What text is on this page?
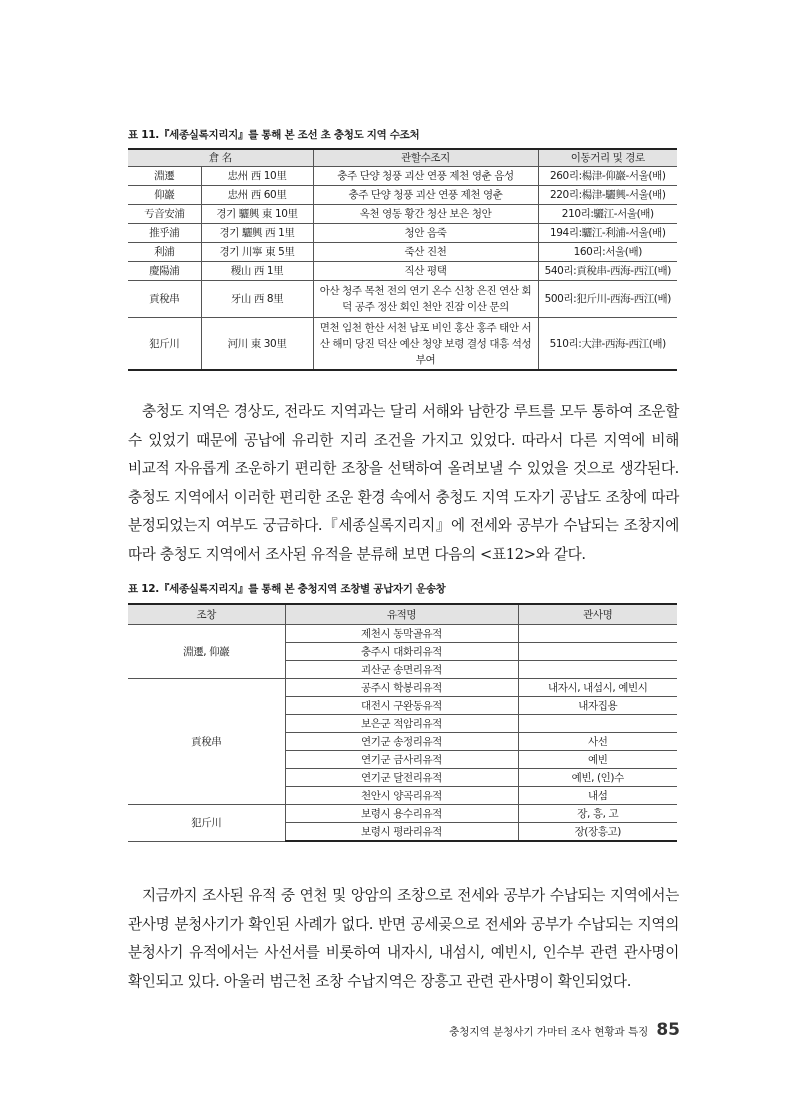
표 11.『세종실록지리지』를 통해 본 조선 초 충청도 지역 수조처
倉 名		관할수조지	이동거리 및 경로
淵遷	忠州 西 10里	충주 단양 청풍 괴산 연풍 제천 영춘 음성	260리:楊津-仰巖-서울(배)
仰巖	忠州 西 60里	충주 단양 청풍 괴산 연풍 제천 영춘	220리:楊津-驪興-서울(배)
亐音安浦	경기 驪興 東 10里	옥천 영동 황간 청산 보은 청안	210리:驪江-서울(배)
推乎浦	경기 驪興 西 1里	청안 음죽	194리:驪江-利浦-서울(배)
利浦	경기 川寧 東 5里	죽산 진천	160리:서울(배)
慶陽浦	稷山 西 1里	직산 평택	540리:貢稅串-西海-西江(배)
貢稅串	牙山 西 8里	아산 청주 목천 전의 연기 온수 신창 은진 연산 회덕 공주 정산 회인 천안 진잠 이산 문의	500리:犯斤川-西海-西江(배)
犯斤川	河川 東 30里	면천 임천 한산 서천 남포 비인 홍산 홍주 태안 서산 해미 당진 덕산 예산 청양 보령 결성 대흥 석성 부여	510리:大津-西海-西江(배)

충청도 지역은 경상도, 전라도 지역과는 달리 서해와 남한강 루트를 모두 통하여 조운할 수 있었기 때문에 공납에 유리한 지리 조건을 가지고 있었다. 따라서 다른 지역에 비해 비교적 자유롭게 조운하기 편리한 조창을 선택하여 올려보낼 수 있었을 것으로 생각된다. 충청도 지역에서 이러한 편리한 조운 환경 속에서 충청도 지역 도자기 공납도 조창에 따라 분정되었는지 여부도 궁금하다.『세종실록지리지』에 전세와 공부가 수납되는 조창지에 따라 충청도 지역에서 조사된 유적을 분류해 보면 다음의 <표12>와 같다.

표 12.『세종실록지리지』를 통해 본 충청지역 조창별 공납자기 운송창
조창	유적명	관사명
淵遷, 仰巖	제천시 동막골유적	
	충주시 대화리유적	
	괴산군 송면리유적	
貢稅串	공주시 학봉리유적	내자시, 내섬시, 예빈시
	대전시 구완동유적	내자집용
	보은군 적암리유적	
	연기군 송정리유적	사선
	연기군 금사리유적	예빈
	연기군 달전리유적	예빈, (인)수
	천안시 양곡리유적	내섬
犯斤川	보령시 용수리유적	장, 흥, 고
	보령시 평라리유적	장(장흥고)

지금까지 조사된 유적 중 연천 및 앙암의 조창으로 전세와 공부가 수납되는 지역에서는 관사명 분청사기가 확인된 사례가 없다. 반면 공세곶으로 전세와 공부가 수납되는 지역의 분청사기 유적에서는 사선서를 비롯하여 내자시, 내섬시, 예빈시, 인수부 관련 관사명이 확인되고 있다. 아울러 범근천 조창 수납지역은 장흥고 관련 관사명이 확인되었다.

충청지역 분청사기 가마터 조사 현황과 특징 85
